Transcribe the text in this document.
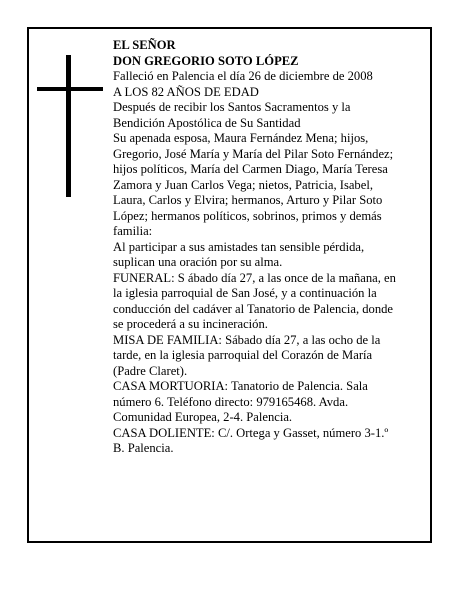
EL SEÑOR

DON GREGORIO SOTO LÓPEZ

Falleció en Palencia el día 26 de diciembre de 2008

A LOS 82 AÑOS DE EDAD

Después de recibir los Santos Sacramentos y la
Bendición Apostólica de Su Santidad

Su apenada esposa, Maura Fernández Mena; hijos,
Gregorio, José María y María del Pilar Soto Fernández;
hijos políticos, María del Carmen Diago, María Teresa
Zamora y Juan Carlos Vega; nietos, Patricia, Isabel,
Laura, Carlos y Elvira; hermanos, Arturo y Pilar Soto
López; hermanos políticos, sobrinos, primos y demás
familia:

Al participar a sus amistades tan sensible pérdida,
suplican una oración por su alma.

FUNERAL: S ábado día 27, a las once de la mañana, en
la iglesia parroquial de San José, y a continuación la
conducción del cadáver al Tanatorio de Palencia, donde
se procederá a su incineración.

MISA DE FAMILIA: Sábado día 27, a las ocho de la
tarde, en la iglesia parroquial del Corazón de María
(Padre Claret).

CASA MORTUORIA: Tanatorio de Palencia. Sala
número 6. Teléfono directo: 979165468. Avda.
Comunidad Europea, 2-4. Palencia.

CASA DOLIENTE: C/. Ortega y Gasset, número 3-1.º
B. Palencia.
